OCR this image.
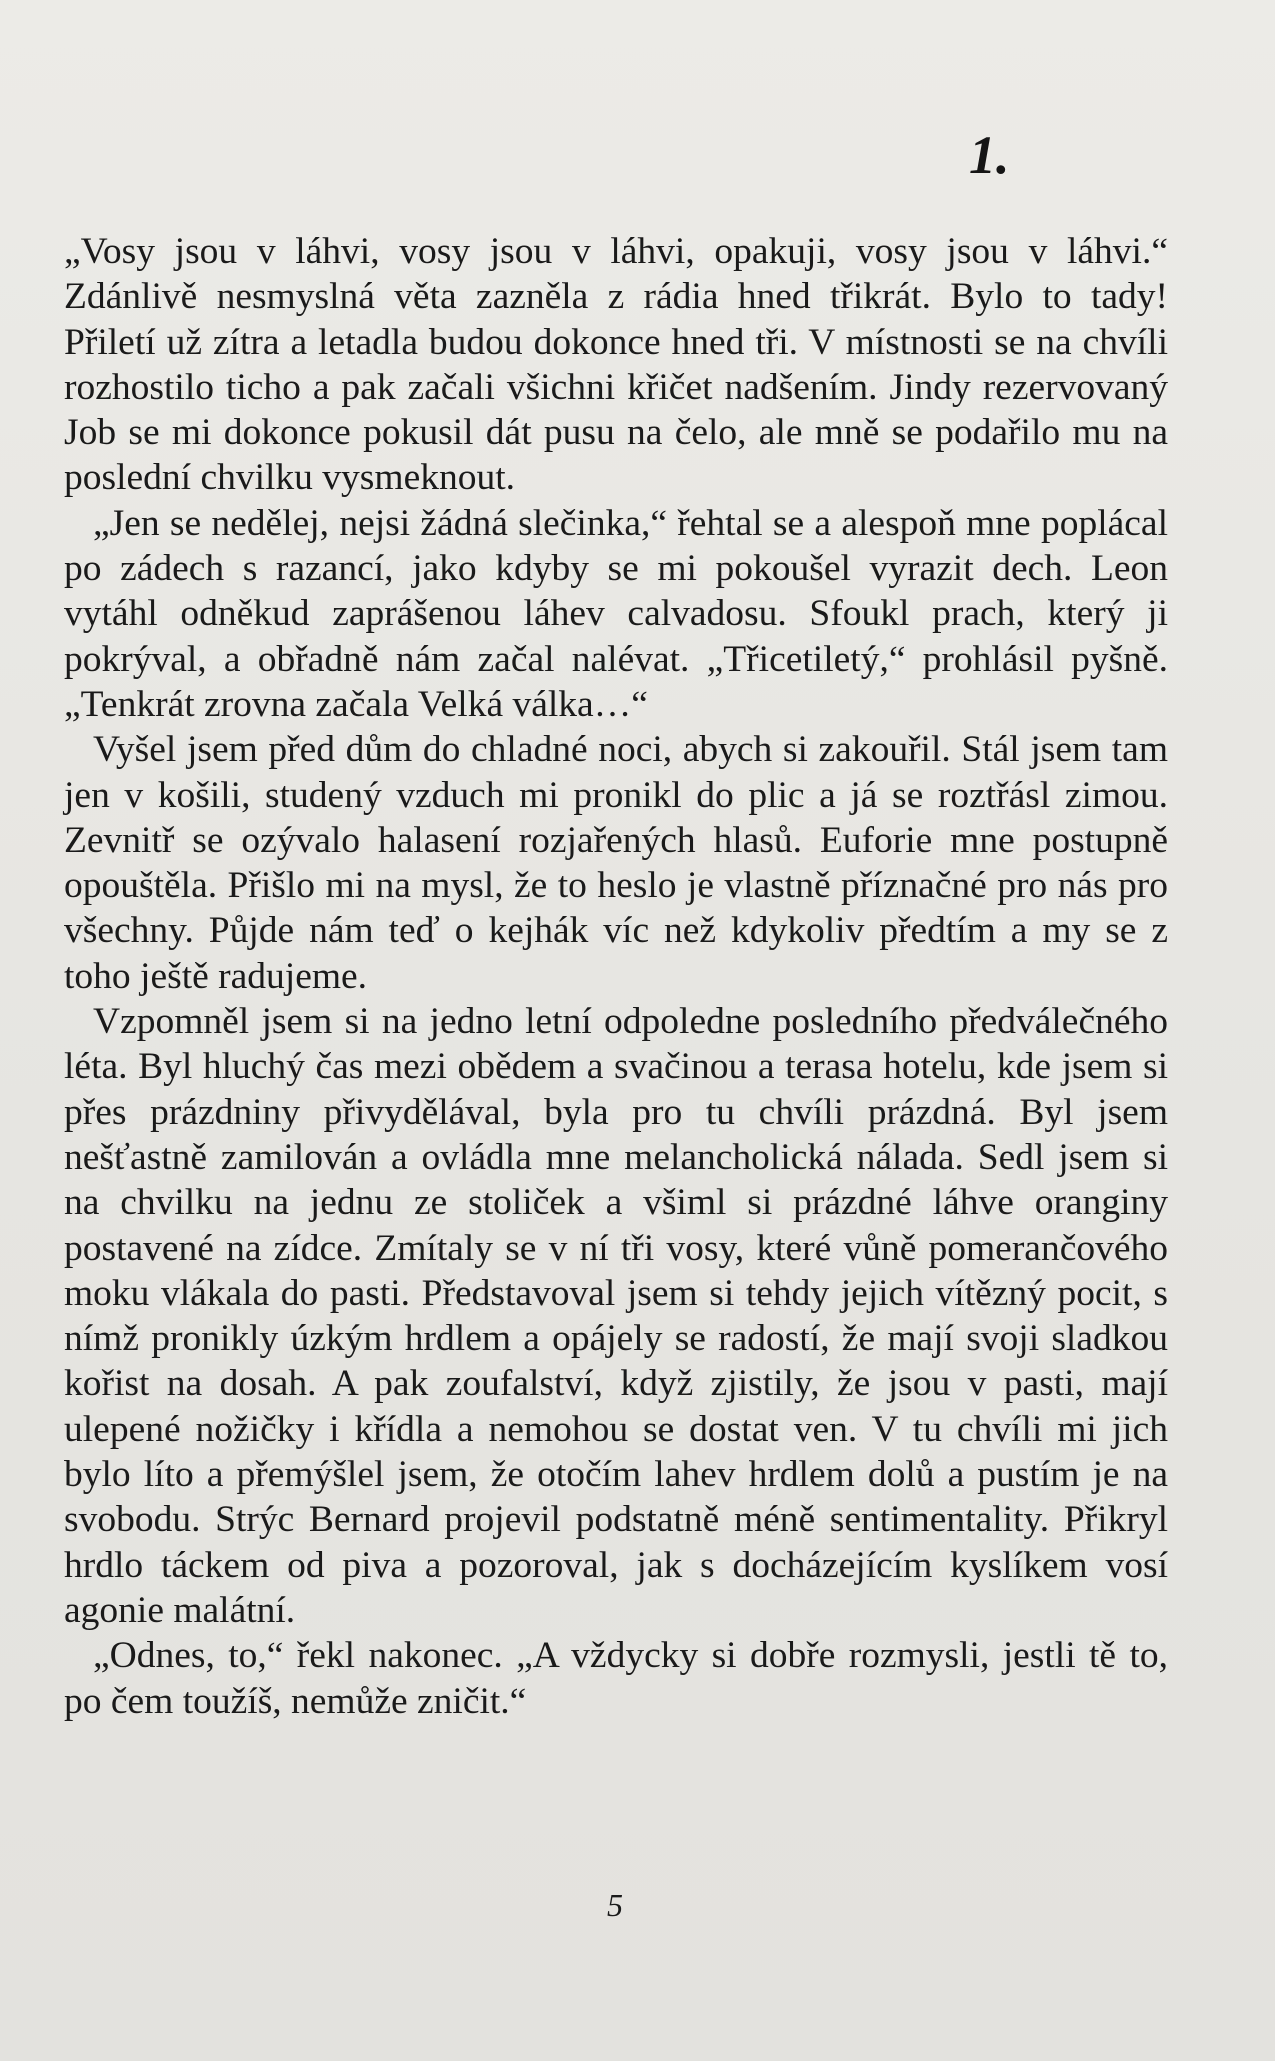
1.

„Vosy jsou v láhvi, vosy jsou v láhvi, opakuji, vosy jsou v láhvi.“ Zdánlivě nesmyslná věta zazněla z rádia hned třikrát. Bylo to tady! Přiletí už zítra a letadla budou dokonce hned tři. V místnosti se na chvíli rozhostilo ticho a pak začali všichni křičet nadšením. Jindy rezervovaný Job se mi dokonce pokusil dát pusu na čelo, ale mně se podařilo mu na poslední chvilku vysmeknout.

„Jen se nedělej, nejsi žádná slečinka,“ řehtal se a alespoň mne poplácal po zádech s razancí, jako kdyby se mi pokoušel vyrazit dech. Leon vytáhl odněkud zaprášenou láhev calvadosu. Sfoukl prach, který ji pokrýval, a obřadně nám začal nalévat. „Třicetiletý,“ prohlásil pyšně. „Tenkrát zrovna začala Velká válka…“

Vyšel jsem před dům do chladné noci, abych si zakouřil. Stál jsem tam jen v košili, studený vzduch mi pronikl do plic a já se roztřásl zimou. Zevnitř se ozývalo halasení rozjařených hlasů. Euforie mne postupně opouštěla. Přišlo mi na mysl, že to heslo je vlastně příznačné pro nás pro všechny. Půjde nám teď o kejhák víc než kdykoliv předtím a my se z toho ještě radujeme.

Vzpomněl jsem si na jedno letní odpoledne posledního předválečného léta. Byl hluchý čas mezi obědem a svačinou a terasa hotelu, kde jsem si přes prázdniny přivydělával, byla pro tu chvíli prázdná. Byl jsem nešťastně zamilován a ovládla mne melancholická nálada. Sedl jsem si na chvilku na jednu ze stoliček a všiml si prázdné láhve oranginy postavené na zídce. Zmítaly se v ní tři vosy, které vůně pomerančového moku vlákala do pasti. Představoval jsem si tehdy jejich vítězný pocit, s nímž pronikly úzkým hrdlem a opájely se radostí, že mají svoji sladkou kořist na dosah. A pak zoufalství, když zjistily, že jsou v pasti, mají ulepené nožičky i křídla a nemohou se dostat ven. V tu chvíli mi jich bylo líto a přemýšlel jsem, že otočím lahev hrdlem dolů a pustím je na svobodu. Strýc Bernard projevil podstatně méně sentimentality. Přikryl hrdlo táckem od piva a pozoroval, jak s docházejícím kyslíkem vosí agonie malátní.

„Odnes, to,“ řekl nakonec. „A vždycky si dobře rozmysli, jestli tě to, po čem toužíš, nemůže zničit.“

5
